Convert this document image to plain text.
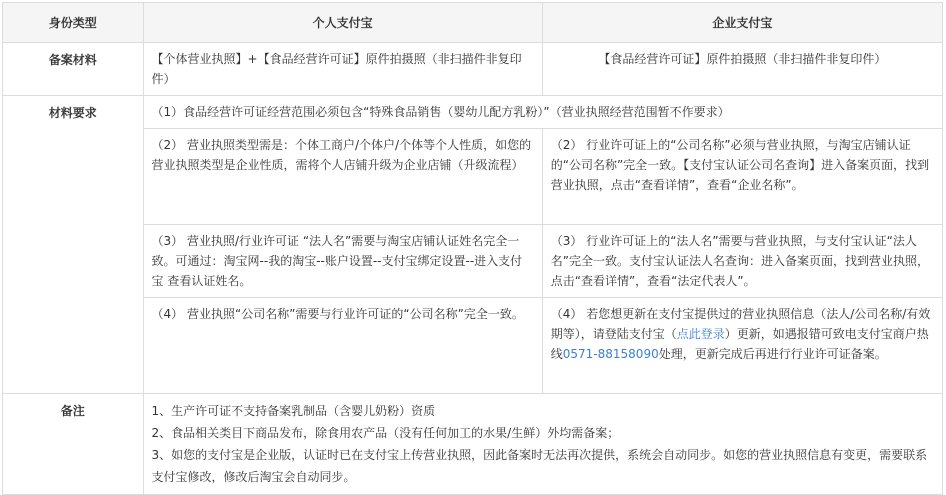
身份类型	个人支付宝	企业支付宝
备案材料	【个体营业执照】+【食品经营许可证】原件拍摄照（非扫描件非复印件）	【食品经营许可证】原件拍摄照（非扫描件非复印件）
材料要求	（1）食品经营许可证经营范围必须包含“特殊食品销售（婴幼儿配方乳粉）”（营业执照经营范围暂不作要求）	
	（2） 营业执照类型需是：个体工商户/个体户/个体等个人性质，如您的营业执照类型是企业性质，需将个人店铺升级为企业店铺（升级流程）	（2） 行业许可证上的“公司名称”必须与营业执照，与淘宝店铺认证的“公司名称”完全一致。【支付宝认证公司名查询】进入备案页面，找到营业执照，点击“查看详情”，查看“企业名称”。
	（3） 营业执照/行业许可证 “法人名”需要与淘宝店铺认证姓名完全一致。可通过：淘宝网--我的淘宝--账户设置--支付宝绑定设置--进入支付宝 查看认证姓名。	（3） 行业许可证上的“法人名”需要与营业执照，与支付宝认证“法人名”完全一致。支付宝认证法人名查询：进入备案页面，找到营业执照，点击“查看详情”，查看“法定代表人”。
	（4） 营业执照“公司名称”需要与行业许可证的“公司名称”完全一致。	（4） 若您想更新在支付宝提供过的营业执照信息（法人/公司名称/有效期等），请登陆支付宝（点此登录）更新，如遇报错可致电支付宝商户热线0571-88158090处理，更新完成后再进行行业许可证备案。
备注	1、生产许可证不支持备案乳制品（含婴儿奶粉）资质
2、食品相关类目下商品发布，除食用农产品（没有任何加工的水果/生鲜）外均需备案；
3、如您的支付宝是企业版，认证时已在支付宝上传营业执照，因此备案时无法再次提供，系统会自动同步。如您的营业执照信息有变更，需要联系支付宝修改，修改后淘宝会自动同步。	
